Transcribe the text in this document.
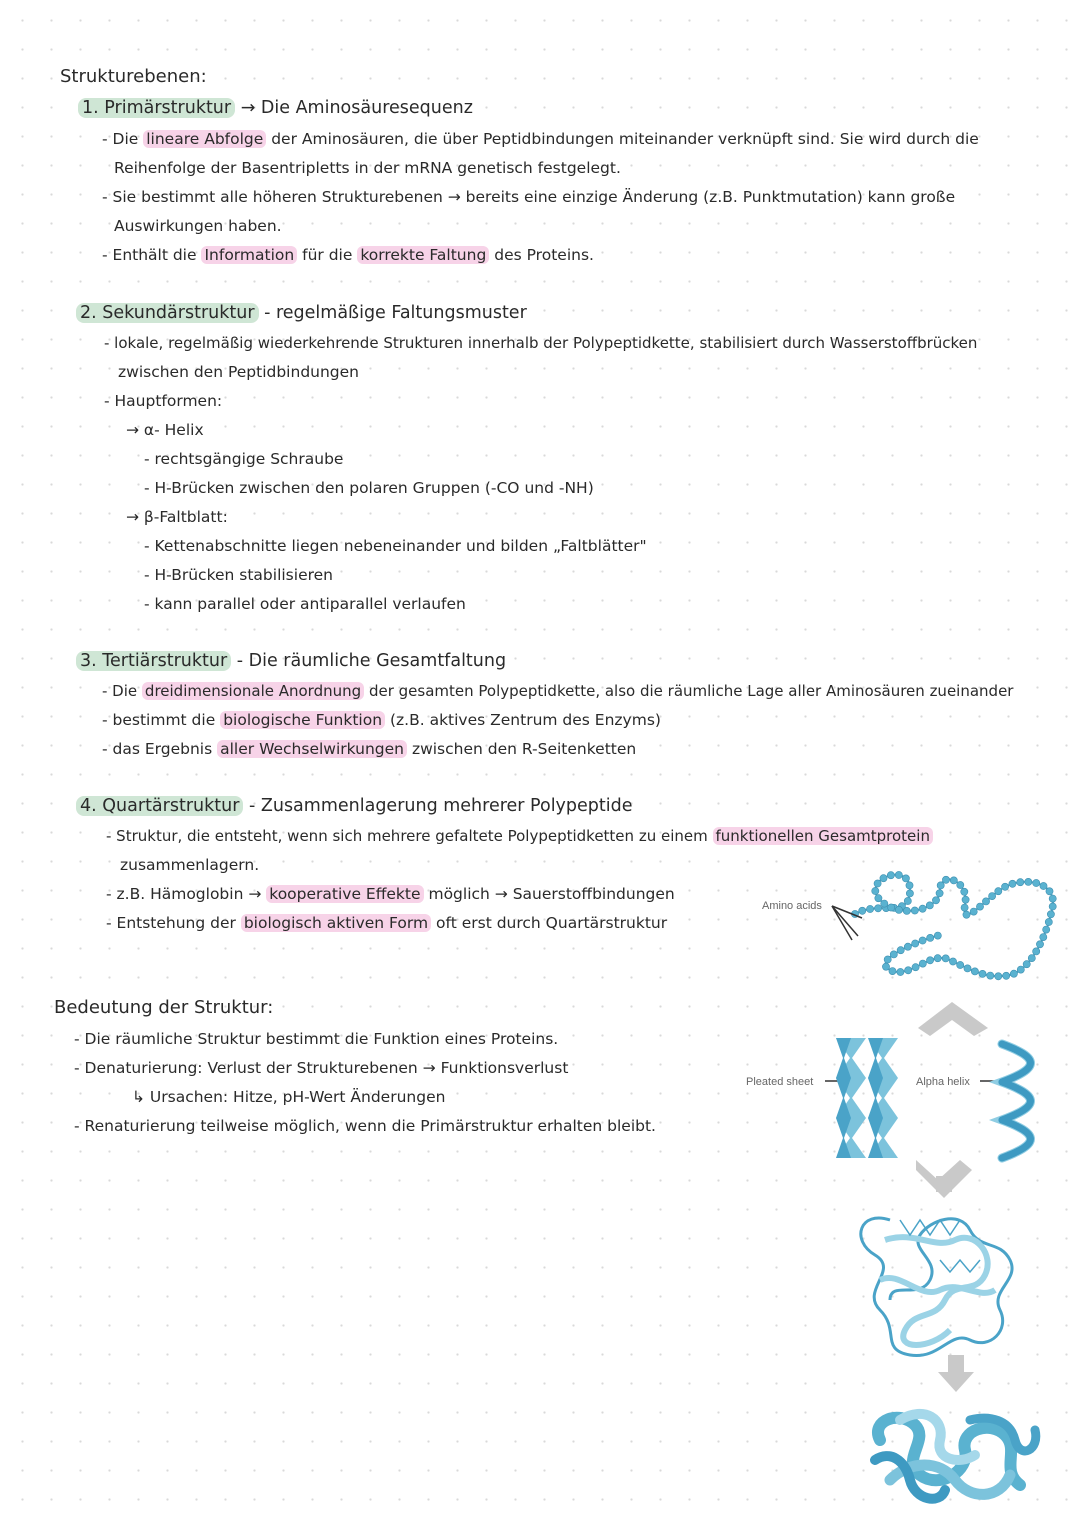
Strukturebenen:
1. Primärstruktur → Die Aminosäuresequenz
- Die lineare Abfolge der Aminosäuren, die über Peptidbindungen miteinander verknüpft sind. Sie wird durch die
Reihenfolge der Basentripletts in der mRNA genetisch festgelegt.
- Sie bestimmt alle höheren Strukturebenen → bereits eine einzige Änderung (z.B. Punktmutation) kann große
Auswirkungen haben.
- Enthält die Information für die korrekte Faltung des Proteins.
2. Sekundärstruktur - regelmäßige Faltungsmuster
- lokale, regelmäßig wiederkehrende Strukturen innerhalb der Polypeptidkette, stabilisiert durch Wasserstoffbrücken
zwischen den Peptidbindungen
- Hauptformen:
→ α- Helix
- rechtsgängige Schraube
- H-Brücken zwischen den polaren Gruppen (-CO und -NH)
→ β-Faltblatt:
- Kettenabschnitte liegen nebeneinander und bilden „Faltblätter"
- H-Brücken stabilisieren
- kann parallel oder antiparallel verlaufen
3. Tertiärstruktur - Die räumliche Gesamtfaltung
- Die dreidimensionale Anordnung der gesamten Polypeptidkette, also die räumliche Lage aller Aminosäuren zueinander
- bestimmt die biologische Funktion (z.B. aktives Zentrum des Enzyms)
- das Ergebnis aller Wechselwirkungen zwischen den R-Seitenketten
4. Quartärstruktur - Zusammenlagerung mehrerer Polypeptide
- Struktur, die entsteht, wenn sich mehrere gefaltete Polypeptidketten zu einem funktionellen Gesamtprotein
zusammenlagern.
- z.B. Hämoglobin → kooperative Effekte möglich → Sauerstoffbindungen
- Entstehung der biologisch aktiven Form oft erst durch Quartärstruktur
Bedeutung der Struktur:
- Die räumliche Struktur bestimmt die Funktion eines Proteins.
- Denaturierung: Verlust der Strukturebenen → Funktionsverlust
↳ Ursachen: Hitze, pH-Wert Änderungen
- Renaturierung teilweise möglich, wenn die Primärstruktur erhalten bleibt.
Amino acids
Pleated sheet	Alpha helix
